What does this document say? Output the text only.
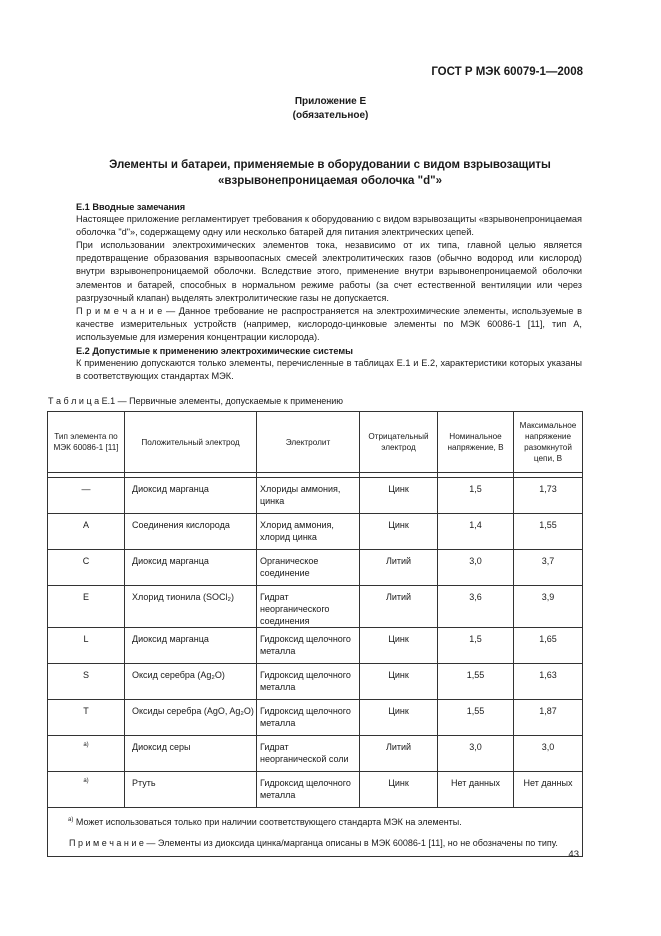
ГОСТ Р МЭК 60079-1—2008
Приложение Е
(обязательное)
Элементы и батареи, применяемые в оборудовании с видом взрывозащиты
«взрывонепроницаемая оболочка "d"»
Е.1 Вводные замечания
Настоящее приложение регламентирует требования к оборудованию с видом взрывозащиты «взрывонепроницаемая оболочка "d"», содержащему одну или несколько батарей для питания электрических цепей.
При использовании электрохимических элементов тока, независимо от их типа, главной целью является предотвращение образования взрывоопасных смесей электролитических газов (обычно водород или кислород) внутри взрывонепроницаемой оболочки. Вследствие этого, применение внутри взрывонепроницаемой оболочки элементов и батарей, способных в нормальном режиме работы (за счет естественной вентиляции или через разгрузочный клапан) выделять электролитические газы не допускается.
П р и м е ч а н и е — Данное требование не распространяется на электрохимические элементы, используемые в качестве измерительных устройств (например, кислородо-цинковые элементы по МЭК 60086-1 [11], тип А, используемые для измерения концентрации кислорода).
Е.2 Допустимые к применению электрохимические системы
К применению допускаются только элементы, перечисленные в таблицах Е.1 и Е.2, характеристики которых указаны в соответствующих стандартах МЭК.
Т а б л и ц а Е.1 — Первичные элементы, допускаемые к применению
Тип элемента по МЭК 60086-1 [11]	Положительный электрод	Электролит	Отрицательный электрод	Номинальное напряжение, В	Максимальное напряжение разомкнутой цепи, В

—	Диоксид марганца	Хлориды аммония, цинка	Цинк	1,5	1,73
A	Соединения кислорода	Хлорид аммония, хлорид цинка	Цинк	1,4	1,55
C	Диоксид марганца	Органическое соединение	Литий	3,0	3,7
E	Хлорид тионила (SOCl₂)	Гидрат неорганического соединения	Литий	3,6	3,9
L	Диоксид марганца	Гидроксид щелочного металла	Цинк	1,5	1,65
S	Оксид серебра (Ag₂O)	Гидроксид щелочного металла	Цинк	1,55	1,63
T	Оксиды серебра (AgO, Ag₂O)	Гидроксид щелочного металла	Цинк	1,55	1,87
а)	Диоксид серы	Гидрат неорганической соли	Литий	3,0	3,0
а)	Ртуть	Гидроксид щелочного металла	Цинк	Нет данных	Нет данных

$^{а)}$ Может использоваться только при наличии соответствующего стандарта МЭК на элементы.
П р и м е ч а н и е — Элементы из диоксида цинка/марганца описаны в МЭК 60086-1 [11], но не обозначены по типу.					
43
